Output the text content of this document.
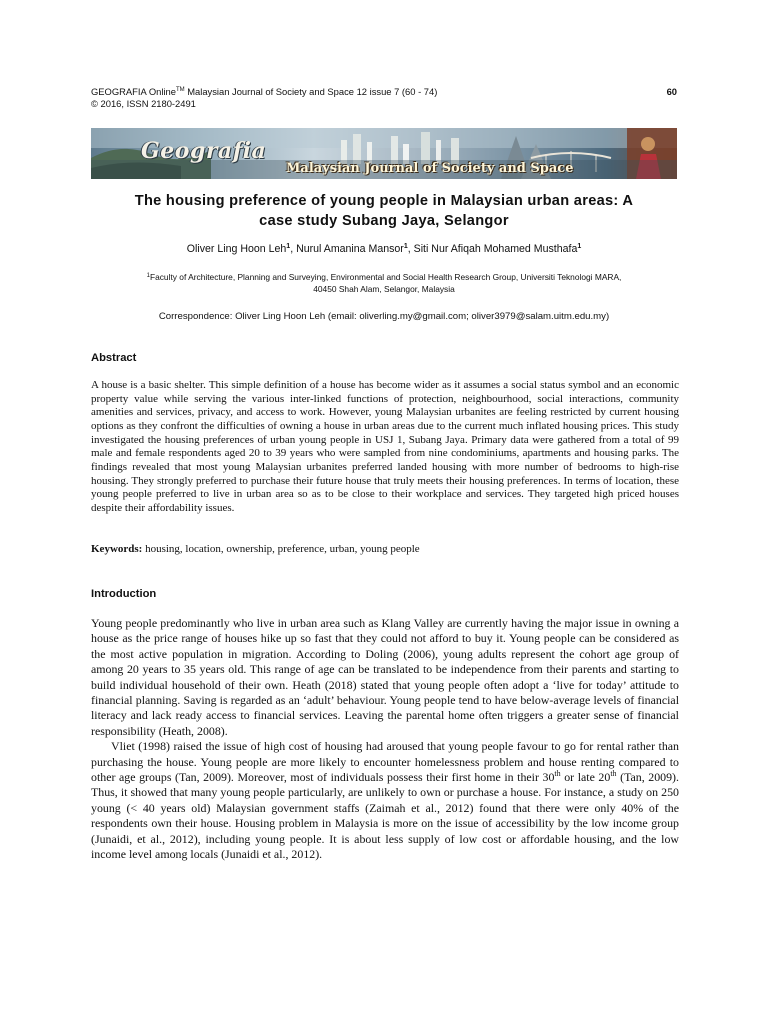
GEOGRAFIA Online™ Malaysian Journal of Society and Space 12 issue 7 (60 - 74)	60
© 2016, ISSN 2180-2491
Geografia
Malaysian Journal of Society and Space
The housing preference of young people in Malaysian urban areas: A
case study Subang Jaya, Selangor
Oliver Ling Hoon Leh$^1$, Nurul Amanina Mansor$^1$, Siti Nur Afiqah Mohamed Musthafa$^1$
$^1$Faculty of Architecture, Planning and Surveying, Environmental and Social Health Research Group, Universiti Teknologi MARA,
40450 Shah Alam, Selangor, Malaysia
Correspondence: Oliver Ling Hoon Leh (email: oliverling.my@gmail.com; oliver3979@salam.uitm.edu.my)
Abstract
A house is a basic shelter. This simple definition of a house has become wider as it assumes a social status symbol and an economic property value while serving the various inter-linked functions of protection, neighbourhood, social interactions, community amenities and services, privacy, and access to work. However, young Malaysian urbanites are feeling restricted by current housing options as they confront the difficulties of owning a house in urban areas due to the current much inflated housing prices. This study investigated the housing preferences of urban young people in USJ 1, Subang Jaya. Primary data were gathered from a total of 99 male and female respondents aged 20 to 39 years who were sampled from nine condominiums, apartments and housing parks. The findings revealed that most young Malaysian urbanites preferred landed housing with more number of bedrooms to high-rise housing. They strongly preferred to purchase their future house that truly meets their housing preferences. In terms of location, these young people preferred to live in urban area so as to be close to their workplace and services. They targeted high priced houses despite their affordability issues.
Keywords: housing, location, ownership, preference, urban, young people
Introduction

Young people predominantly who live in urban area such as Klang Valley are currently having the major issue in owning a house as the price range of houses hike up so fast that they could not afford to buy it. Young people can be considered as the most active population in migration. According to Doling (2006), young adults represent the cohort age group of among 20 years to 35 years old. This range of age can be translated to be independence from their parents and starting to build individual household of their own. Heath (2018) stated that young people often adopt a ‘live for today’ attitude to financial planning. Saving is regarded as an ‘adult’ behaviour. Young people tend to have below-average levels of financial literacy and lack ready access to financial services. Leaving the parental home often triggers a greater sense of financial responsibility (Heath, 2008).

Vliet (1998) raised the issue of high cost of housing had aroused that young people favour to go for rental rather than purchasing the house. Young people are more likely to encounter homelessness problem and house renting compared to other age groups (Tan, 2009). Moreover, most of individuals possess their first home in their 30th or late 20th (Tan, 2009). Thus, it showed that many young people particularly, are unlikely to own or purchase a house. For instance, a study on 250 young (< 40 years old) Malaysian government staffs (Zaimah et al., 2012) found that there were only 40% of the respondents own their house. Housing problem in Malaysia is more on the issue of accessibility by the low income group (Junaidi, et al., 2012), including young people. It is about less supply of low cost or affordable housing, and the low income level among locals (Junaidi et al., 2012).
